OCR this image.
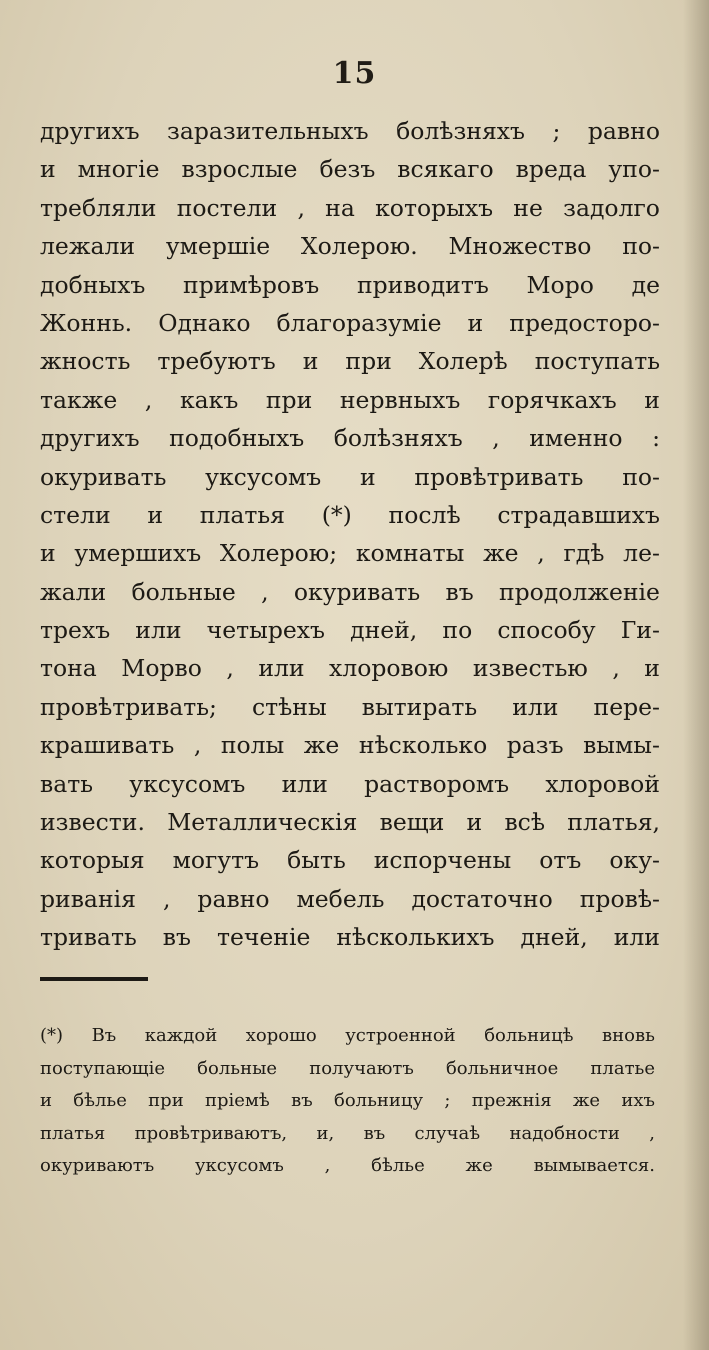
15
другихъ заразительныхъ болѣзняхъ ; равно
и многіе взрослые безъ всякаго вреда упо-
требляли постели , на которыхъ не задолго
лежали умершіе Холерою. Множество по-
добныхъ примѣровъ приводитъ Моро де
Жоннь. Однако благоразуміе и предосторо-
жность требуютъ и при Холерѣ поступать
также , какъ при нервныхъ горячкахъ и
другихъ подобныхъ болѣзняхъ , именно :
окуривать уксусомъ и провѣтривать по-
стели и платья (*) послѣ страдавшихъ
и умершихъ Холерою; комнаты же , гдѣ ле-
жали больные , окуривать въ продолженіе
трехъ или четырехъ дней, по способу Ги-
тона Морво , или хлоровою известью , и
провѣтривать; стѣны вытирать или пере-
крашивать , полы же нѣсколько разъ вымы-
вать уксусомъ или растворомъ хлоровой
извести. Металлическія вещи и всѣ платья,
которыя могутъ быть испорчены отъ оку-
риванія , равно мебель достаточно провѣ-
тривать въ теченіе нѣсколькихъ дней, или
(*) Въ каждой хорошо устроенной больницѣ вновь
поступающіе больные получаютъ больничное платье
и бѣлье при пріемѣ въ больницу ; прежнія же ихъ
платья провѣтриваютъ, и, въ случаѣ надобности ,
окуриваютъ уксусомъ , бѣлье же вымывается.
